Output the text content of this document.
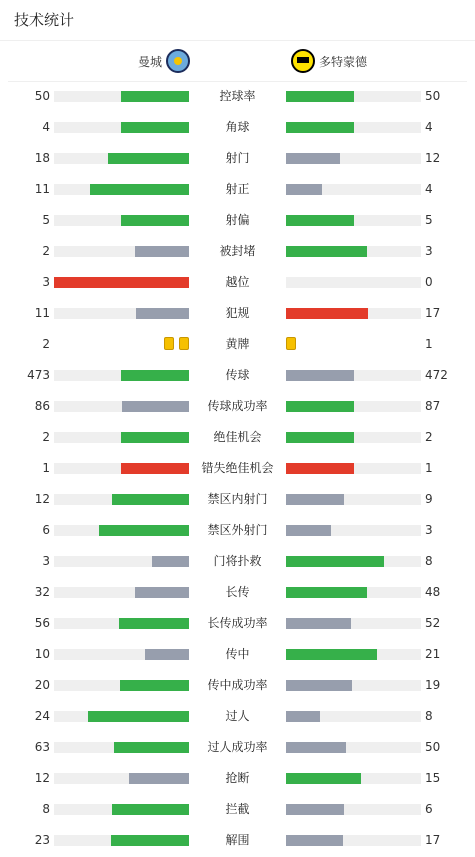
技术统计
曼城	多特蒙德
50	控球率	50
4	角球	4
18	射门	12
11	射正	4
5	射偏	5
2	被封堵	3
3	越位	0
11	犯规	17
2	黄牌	1
473	传球	472
86	传球成功率	87
2	绝佳机会	2
1	错失绝佳机会	1
12	禁区内射门	9
6	禁区外射门	3
3	门将扑救	8
32	长传	48
56	长传成功率	52
10	传中	21
20	传中成功率	19
24	过人	8
63	过人成功率	50
12	抢断	15
8	拦截	6
23	解围	17
